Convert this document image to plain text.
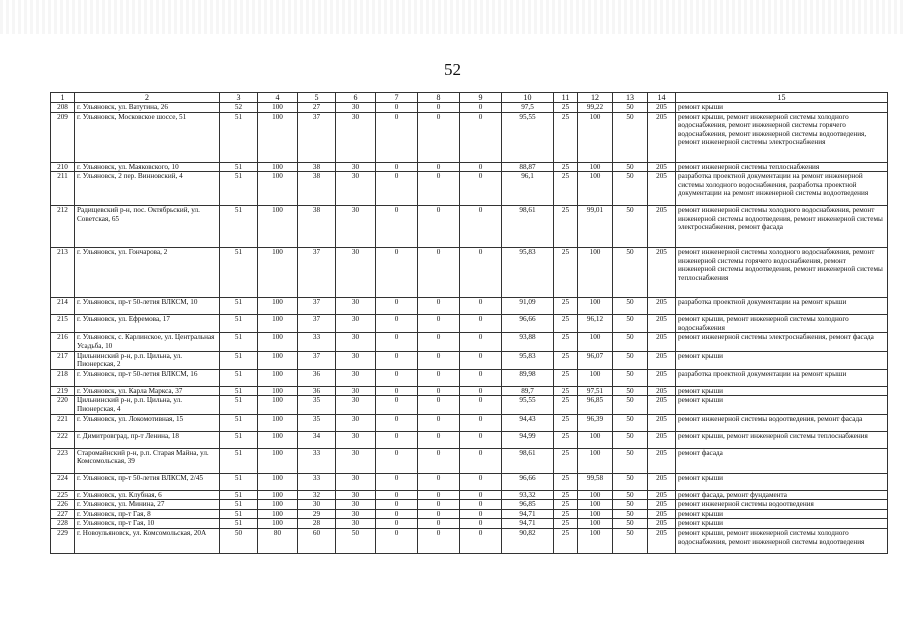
52
1	2	3	4	5	6	7	8	9	10	11	12	13	14	15
208	г. Ульяновск, ул. Ватутина, 26	52	100	27	30	0	0	0	97,5	25	99,22	50	205	ремонт крыши
209	г. Ульяновск, Московское шоссе, 51	51	100	37	30	0	0	0	95,55	25	100	50	205	ремонт крыши, ремонт инженерной системы холодного водоснабжения, ремонт инженерной системы горячего водоснабжения, ремонт инженерной системы водоотведения, ремонт инженерной системы электроснабжения
210	г. Ульяновск, ул. Маяковского, 10	51	100	38	30	0	0	0	88,87	25	100	50	205	ремонт инженерной системы теплоснабжения
211	г. Ульяновск, 2 пер. Винновский, 4	51	100	38	30	0	0	0	96,1	25	100	50	205	разработка проектной документации на ремонт инженерной системы холодного водоснабжения, разработка проектной документации на ремонт инженерной системы водоотведения
212	Радищевский р-н, пос. Октябрьский, ул. Советская, 65	51	100	38	30	0	0	0	98,61	25	99,01	50	205	ремонт инженерной системы холодного водоснабжения, ремонт инженерной системы водоотведения, ремонт инженерной системы электроснабжения, ремонт фасада
213	г. Ульяновск, ул. Гончарова, 2	51	100	37	30	0	0	0	95,83	25	100	50	205	ремонт инженерной системы холодного водоснабжения, ремонт инженерной системы горячего водоснабжения, ремонт инженерной системы водоотведения, ремонт инженерной системы теплоснабжения
214	г. Ульяновск, пр-т 50-летия ВЛКСМ, 10	51	100	37	30	0	0	0	91,09	25	100	50	205	разработка проектной документации на ремонт крыши
215	г. Ульяновск, ул. Ефремова, 17	51	100	37	30	0	0	0	96,66	25	96,12	50	205	ремонт крыши, ремонт инженерной системы холодного водоснабжения
216	г. Ульяновск, с. Карлинское, ул. Центральная Усадьба, 10	51	100	33	30	0	0	0	93,88	25	100	50	205	ремонт инженерной системы электроснабжения, ремонт фасада
217	Цильнинский р-н, р.п. Цильна, ул. Пионерская, 2	51	100	37	30	0	0	0	95,83	25	96,07	50	205	ремонт крыши
218	г. Ульяновск, пр-т 50-летия ВЛКСМ, 16	51	100	36	30	0	0	0	89,98	25	100	50	205	разработка проектной документации на ремонт крыши
219	г. Ульяновск, ул. Карла Маркса, 37	51	100	36	30	0	0	0	89,7	25	97,51	50	205	ремонт крыши
220	Цильнинский р-н, р.п. Цильна, ул. Пионерская, 4	51	100	35	30	0	0	0	95,55	25	96,85	50	205	ремонт крыши
221	г. Ульяновск, ул. Локомотивная, 15	51	100	35	30	0	0	0	94,43	25	96,39	50	205	ремонт инженерной системы водоотведения, ремонт фасада
222	г. Димитровград, пр-т Ленина, 18	51	100	34	30	0	0	0	94,99	25	100	50	205	ремонт крыши, ремонт инженерной системы теплоснабжения
223	Старомайнский р-н, р.п. Старая Майна, ул. Комсомольская, 39	51	100	33	30	0	0	0	98,61	25	100	50	205	ремонт фасада
224	г. Ульяновск, пр-т 50-летия ВЛКСМ, 2/45	51	100	33	30	0	0	0	96,66	25	99,58	50	205	ремонт крыши
225	г. Ульяновск, ул. Клубная, 6	51	100	32	30	0	0	0	93,32	25	100	50	205	ремонт фасада, ремонт фундамента
226	г. Ульяновск, ул. Минина, 27	51	100	30	30	0	0	0	96,85	25	100	50	205	ремонт инженерной системы водоотведения
227	г. Ульяновск, пр-т Гая, 8	51	100	29	30	0	0	0	94,71	25	100	50	205	ремонт крыши
228	г. Ульяновск, пр-т Гая, 10	51	100	28	30	0	0	0	94,71	25	100	50	205	ремонт крыши
229	г. Новоульяновск, ул. Комсомольская, 20А	50	80	60	50	0	0	0	90,82	25	100	50	205	ремонт крыши, ремонт инженерной системы холодного водоснабжения, ремонт инженерной системы водоотведения
